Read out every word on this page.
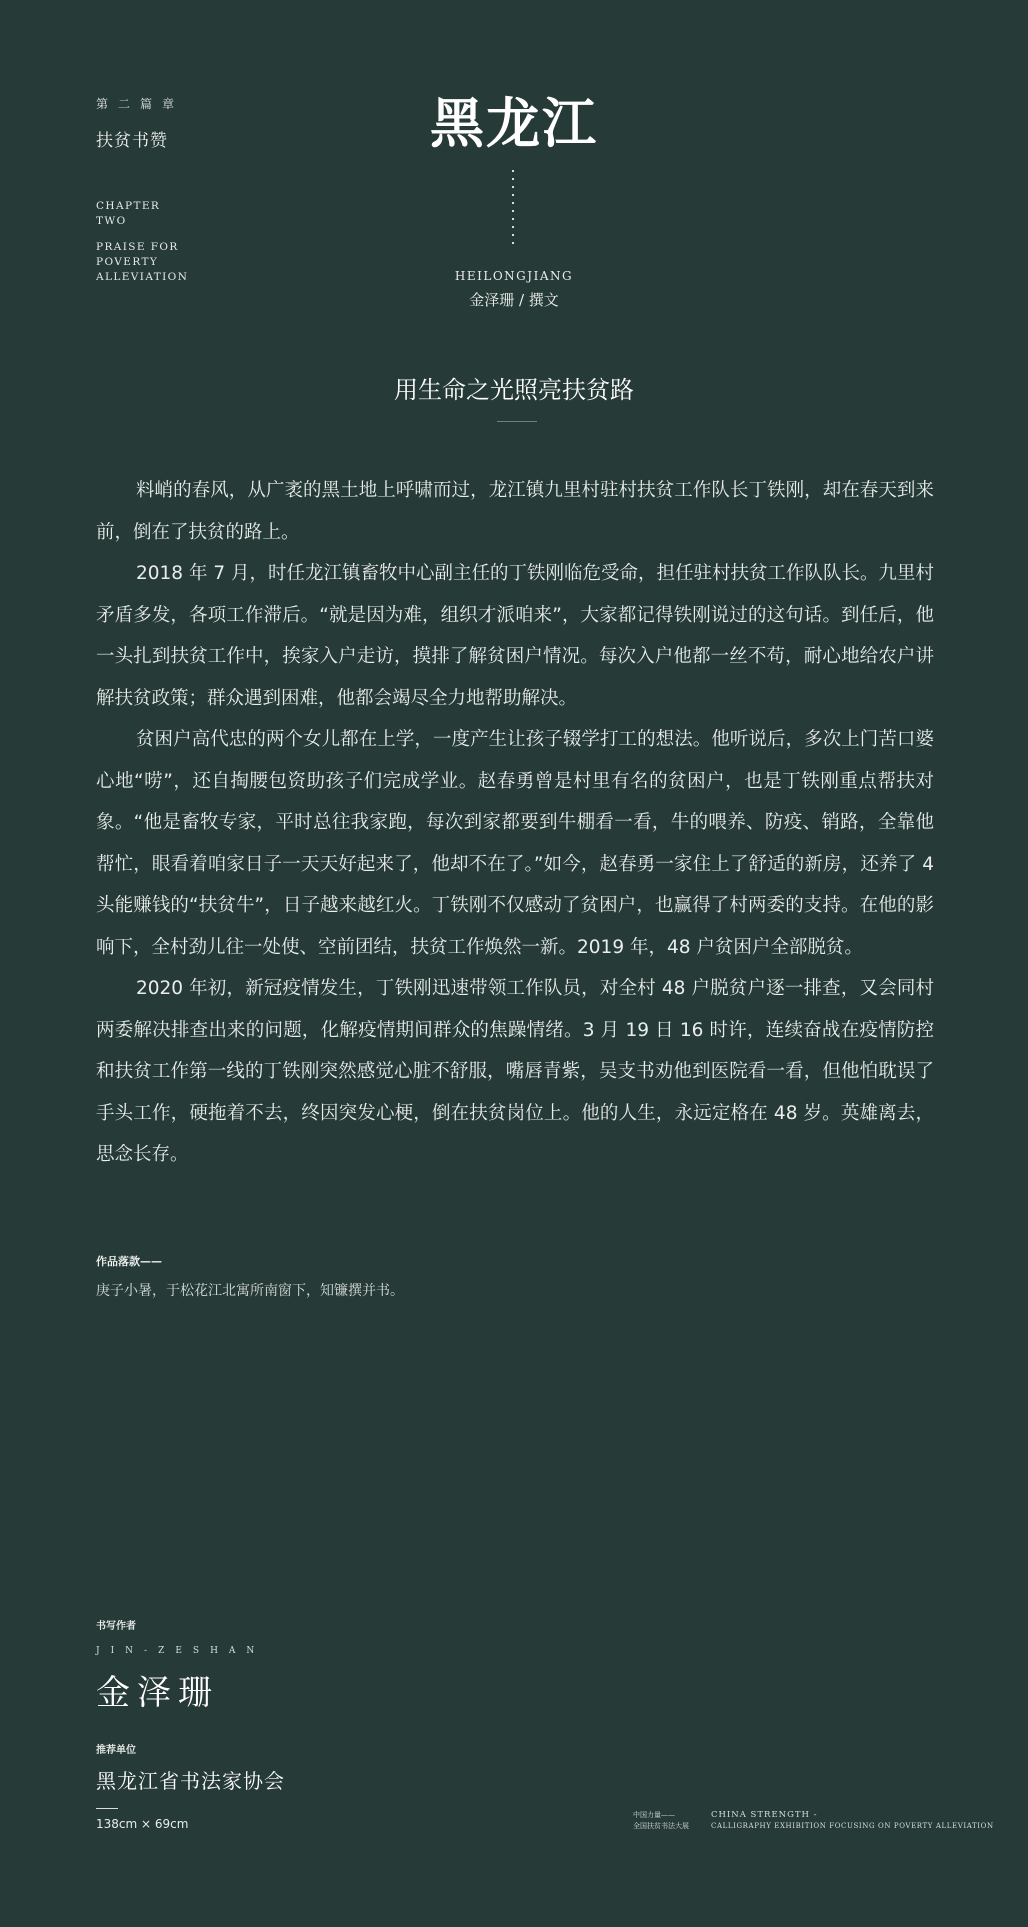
第二篇章
扶贫书赞
CHAPTER
TWO
PRAISE FOR
POVERTY
ALLEVIATION
黑龙江
HEILONGJIANG
金泽珊 / 撰文
用生命之光照亮扶贫路

料峭的春风，从广袤的黑土地上呼啸而过，龙江镇九里村驻村扶贫工作队长丁铁刚，却在春天到来前，倒在了扶贫的路上。

2018 年 7 月，时任龙江镇畜牧中心副主任的丁铁刚临危受命，担任驻村扶贫工作队队长。九里村矛盾多发，各项工作滞后。“就是因为难，组织才派咱来”，大家都记得铁刚说过的这句话。到任后，他一头扎到扶贫工作中，挨家入户走访，摸排了解贫困户情况。每次入户他都一丝不苟，耐心地给农户讲解扶贫政策；群众遇到困难，他都会竭尽全力地帮助解决。

贫困户高代忠的两个女儿都在上学，一度产生让孩子辍学打工的想法。他听说后，多次上门苦口婆心地“唠”，还自掏腰包资助孩子们完成学业。赵春勇曾是村里有名的贫困户，也是丁铁刚重点帮扶对象。“他是畜牧专家，平时总往我家跑，每次到家都要到牛棚看一看，牛的喂养、防疫、销路，全靠他帮忙，眼看着咱家日子一天天好起来了，他却不在了。”如今，赵春勇一家住上了舒适的新房，还养了 4 头能赚钱的“扶贫牛”，日子越来越红火。丁铁刚不仅感动了贫困户，也赢得了村两委的支持。在他的影响下，全村劲儿往一处使、空前团结，扶贫工作焕然一新。2019 年，48 户贫困户全部脱贫。

2020 年初，新冠疫情发生，丁铁刚迅速带领工作队员，对全村 48 户脱贫户逐一排查，又会同村两委解决排查出来的问题，化解疫情期间群众的焦躁情绪。3 月 19 日 16 时许，连续奋战在疫情防控和扶贫工作第一线的丁铁刚突然感觉心脏不舒服，嘴唇青紫，吴支书劝他到医院看一看，但他怕耽误了手头工作，硬拖着不去，终因突发心梗，倒在扶贫岗位上。他的人生，永远定格在 48 岁。英雄离去，思念长存。

作品落款——
庚子小暑，于松花江北寓所南窗下，知镰撰并书。
书写作者
JIN-ZESHAN
金泽珊
推荐单位
黑龙江省书法家协会
138cm × 69cm
中国力量——
全国扶贫书法大展
CHINA STRENGTH -
CALLIGRAPHY EXHIBITION FOCUSING ON POVERTY ALLEVIATION
